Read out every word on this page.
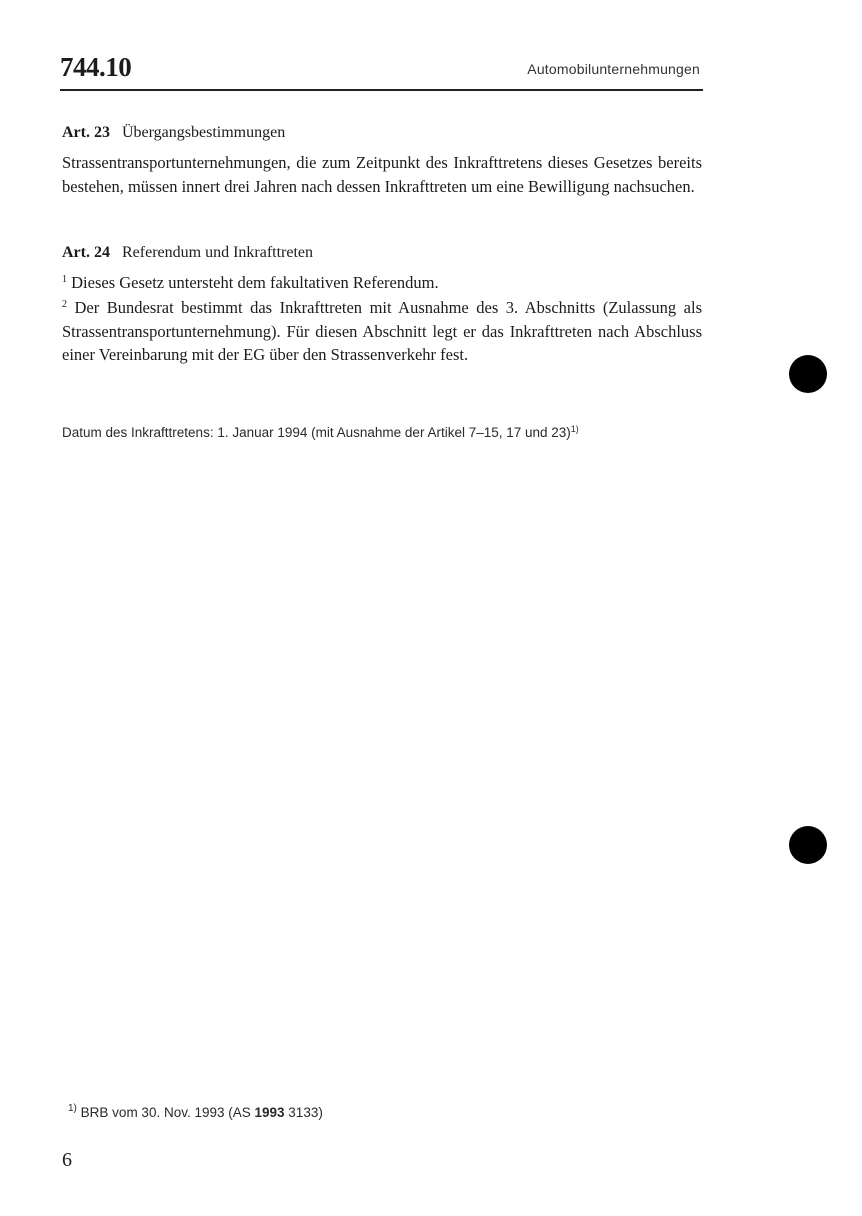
744.10	Automobilunternehmungen
Art. 23 Übergangsbestimmungen
Strassentransportunternehmungen, die zum Zeitpunkt des Inkrafttretens dieses Gesetzes bereits bestehen, müssen innert drei Jahren nach dessen Inkrafttreten um eine Bewilligung nachsuchen.
Art. 24 Referendum und Inkrafttreten
$^1$ Dieses Gesetz untersteht dem fakultativen Referendum.
$^2$ Der Bundesrat bestimmt das Inkrafttreten mit Ausnahme des 3. Abschnitts (Zulassung als Strassentransportunternehmung). Für diesen Abschnitt legt er das Inkrafttreten nach Abschluss einer Vereinbarung mit der EG über den Strassenverkehr fest.
Datum des Inkrafttretens: 1. Januar 1994 (mit Ausnahme der Artikel 7–15, 17 und 23)$^{1)}$
$^{1)}$ BRB vom 30. Nov. 1993 (AS 1993 3133)
6
